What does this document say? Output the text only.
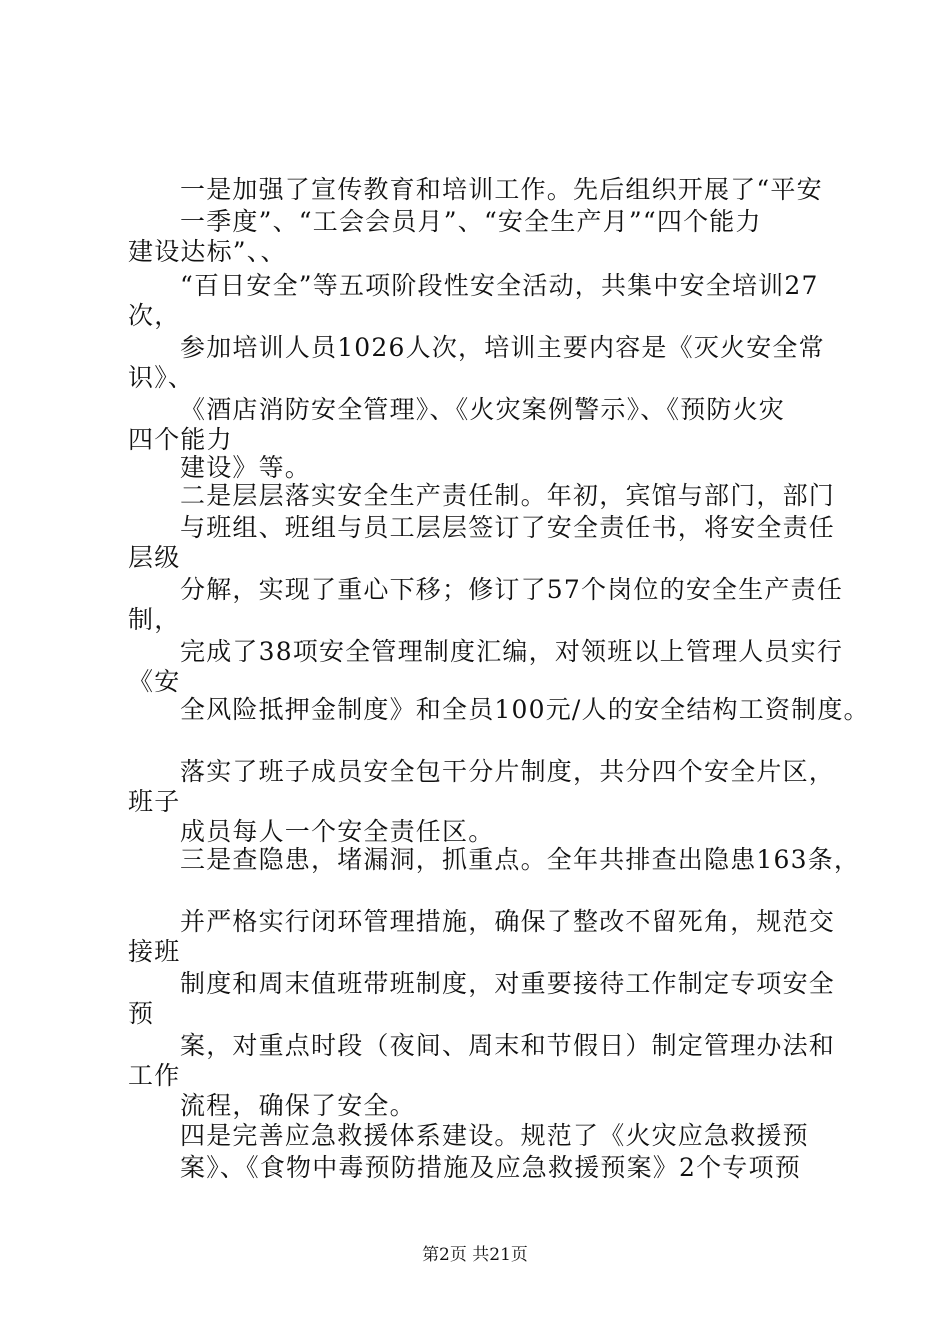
一是加强了宣传教育和培训工作。先后组织开展了“平安
一季度”、“工会会员月”、“安全生产月”“四个能力
建设达标”、、
“百日安全”等五项阶段性安全活动，共集中安全培训27
次，
参加培训人员1026人次，培训主要内容是《灭火安全常
识》、
《酒店消防安全管理》、《火灾案例警示》、《预防火灾
四个能力
建设》等。
二是层层落实安全生产责任制。年初，宾馆与部门，部门
与班组、班组与员工层层签订了安全责任书，将安全责任
层级
分解，实现了重心下移；修订了57个岗位的安全生产责任
制，
完成了38项安全管理制度汇编，对领班以上管理人员实行
《安
全风险抵押金制度》和全员100元/人的安全结构工资制度。
落实了班子成员安全包干分片制度，共分四个安全片区，
班子
成员每人一个安全责任区。
三是查隐患，堵漏洞，抓重点。全年共排查出隐患163条，
并严格实行闭环管理措施，确保了整改不留死角，规范交
接班
制度和周末值班带班制度，对重要接待工作制定专项安全
预
案，对重点时段（夜间、周末和节假日）制定管理办法和
工作
流程，确保了安全。
四是完善应急救援体系建设。规范了《火灾应急救援预
案》、《食物中毒预防措施及应急救援预案》2个专项预
第2页 共21页
